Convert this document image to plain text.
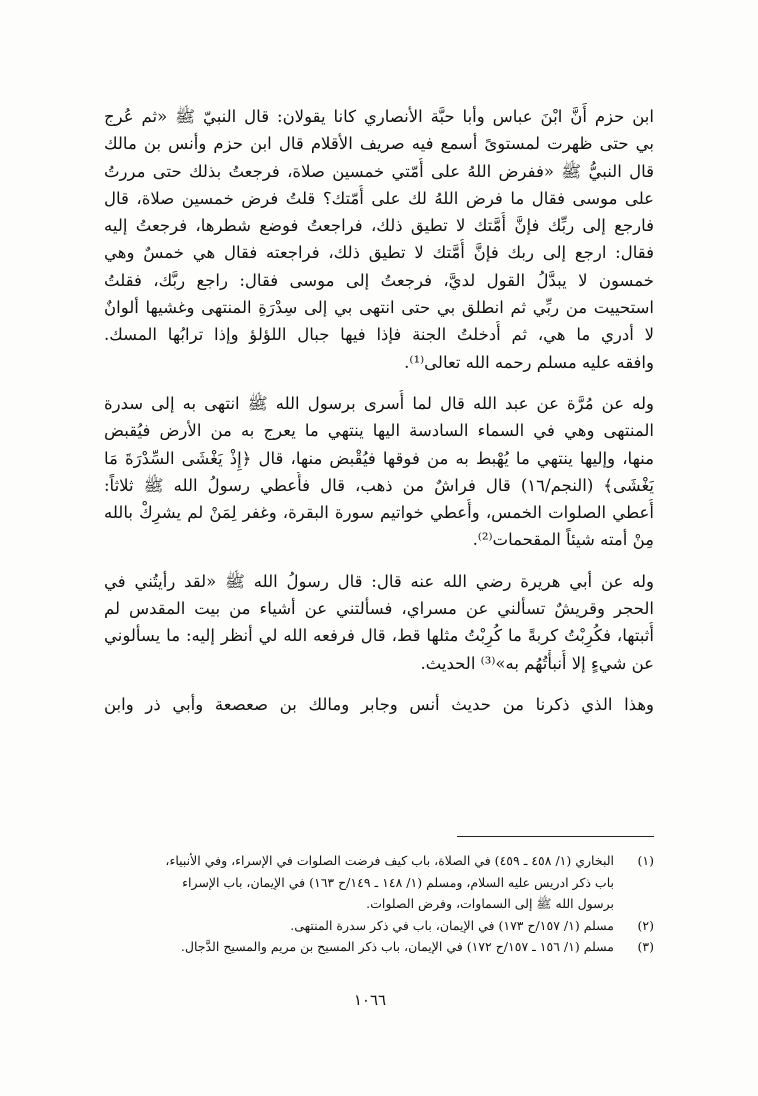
ابن حزم أَنَّ ابْنَ عباس وأبا حبَّة الأنصاري كانا يقولان: قال النبيّ ﷺ «ثم عُرج
بي حتى ظهرت لمستوىً أسمع فيه صريف الأقلام قال ابن حزم وأنس بن مالك
قال النبيُّ ﷺ «ففرض اللهُ على أُمّتي خمسين صلاة، فرجعتُ بذلك حتى مررتُ
على موسى فقال ما فرض اللهُ لك على أُمّتك؟ قلتُ فرض خمسين صلاة، قال
فارجع إلى ربِّك فإنَّ أُمَّتك لا تطيق ذلك، فراجعتُ فوضع شطرها، فرجعتُ إليه
فقال: ارجع إلى ربك فإنَّ أُمَّتك لا تطيق ذلك، فراجعته فقال هي خمسٌ وهي
خمسون لا يبدَّلُ القول لديَّ، فرجعتُ إلى موسى فقال: راجع ربَّك، فقلتُ
استحييت من ربِّي ثم انطلق بي حتى انتهى بي إلى سِدْرَةِ المنتهى وغشيها ألوانٌ
لا أدري ما هي، ثم أُدخلتُ الجنة فإذا فيها جبال اللؤلؤ وإذا ترابُها المسك.
وافقه عليه مسلم رحمه الله تعالى⁽¹⁾.
وله عن مُرَّة عن عبد الله قال لما أُسرى برسول الله ﷺ انتهى به إلى سدرة
المنتهى وهي في السماء السادسة اليها ينتهي ما يعرج به من الأرض فيُقبض
منها، وإليها ينتهي ما يُهْبط به من فوقها فيُقْبض منها، قال ﴿إِذْ يَغْشَى السِّدْرَةَ مَا
يَغْشَى﴾ (النجم/١٦) قال فراشٌ من ذهب، قال فأُعطي رسولُ الله ﷺ ثلاثاً:
أُعطي الصلوات الخمس، وأُعطي خواتيم سورة البقرة، وغفر لِمَنْ لم يشرِكْ بالله
مِنْ أمته شيئاً المقحمات⁽²⁾.
وله عن أبي هريرة رضي الله عنه قال: قال رسولُ الله ﷺ «لقد رأيتُني في
الحجر وقريشٌ تسألني عن مسراي، فسألتني عن أشياء من بيت المقدس لم
أُثبتها، فكُرِبْتُ كربةً ما كُرِبْتُ مثلها قط، قال فرفعه الله لي أنظر إليه: ما يسألوني
عن شيءٍ إلا أُنبأْتُهُم به»⁽³⁾ الحديث.
وهذا الذي ذكرنا من حديث أنس وجابر ومالك بن صعصعة وأبي ذر وابن
(١)
البخاري (١/ ٤٥٨ ـ ٤٥٩) في الصلاة، باب كيف فرضت الصلوات في الإسراء، وفي الأنبياء،
باب ذكر ادريس عليه السلام، ومسلم (١/ ١٤٨ ـ ١٤٩/ح ١٦٣) في الإيمان، باب الإسراء
برسول الله ﷺ إلى السماوات، وفرض الصلوات.
(٢)
مسلم (١/ ١٥٧/ح ١٧٣) في الإيمان، باب في ذكر سدرة المنتهى.
(٣)
مسلم (١/ ١٥٦ ـ ١٥٧/ح ١٧٢) في الإيمان، باب ذكر المسيح بن مريم والمسيح الدَّجال.
١٠٦٦
